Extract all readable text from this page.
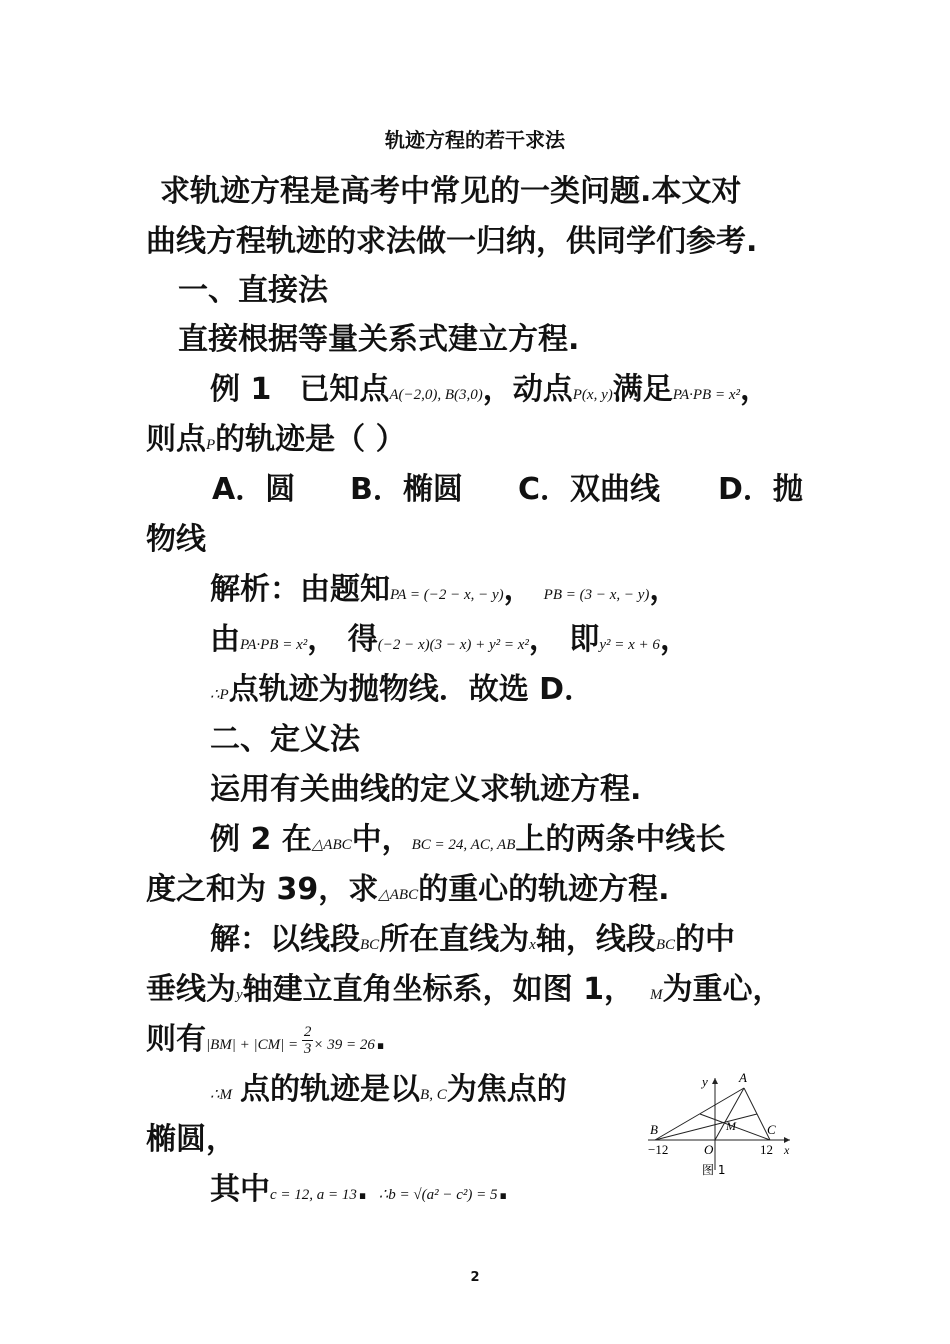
轨迹方程的若干求法
求轨迹方程是高考中常见的一类问题.本文对
曲线方程轨迹的求法做一归纳，供同学们参考.
一、直接法
直接根据等量关系式建立方程.
例 1 已知点A(−2,0), B(3,0)，动点P(x, y)满足PA·PB = x²，
则点P的轨迹是（ ）
A．圆 B．椭圆 C．双曲线 D．抛
物线
解析：由题知PA = (−2 − x, − y)， PB = (3 − x, − y)，
由PA·PB = x²， 得(−2 − x)(3 − x) + y² = x²， 即y² = x + 6，
∴P点轨迹为抛物线．故选 D．
二、定义法
运用有关曲线的定义求轨迹方程.
例 2 在△ABC中，BC = 24, AC, AB上的两条中线长
度之和为 39，求△ABC的重心的轨迹方程.
解：以线段BC所在直线为x轴，线段BC的中
垂线为y轴建立直角坐标系，如图 1， M为重心，
则有$|BM| + |CM| = \frac{2}{3} \times 39 = 26$.
∴M 点的轨迹是以B, C为焦点的
椭圆，
其中c = 12, a = 13. ∴b = √(a² − c²) = 5.
y A
B	M C
O	x
−12	12
图 1
2
